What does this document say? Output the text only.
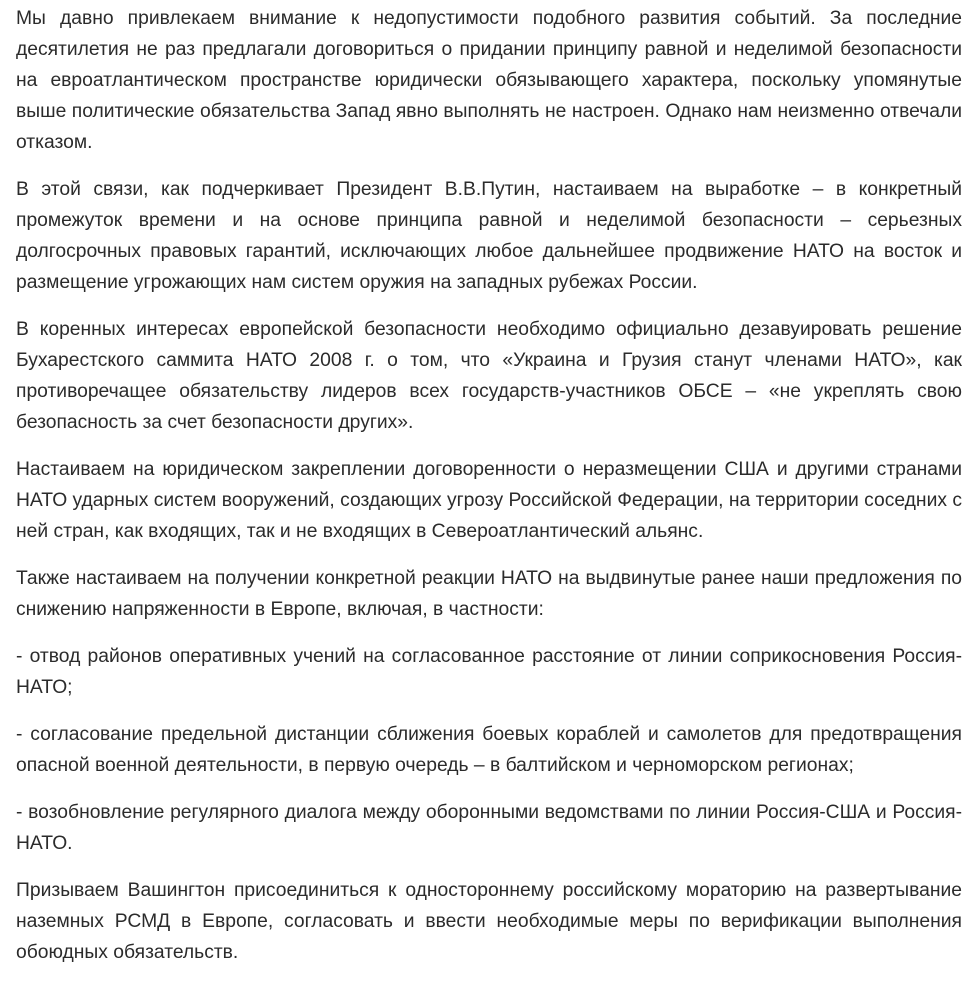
Мы давно привлекаем внимание к недопустимости подобного развития событий. За последние десятилетия не раз предлагали договориться о придании принципу равной и неделимой безопасности на евроатлантическом пространстве юридически обязывающего характера, поскольку упомянутые выше политические обязательства Запад явно выполнять не настроен. Однако нам неизменно отвечали отказом.

В этой связи, как подчеркивает Президент В.В.Путин, настаиваем на выработке – в конкретный промежуток времени и на основе принципа равной и неделимой безопасности – серьезных долгосрочных правовых гарантий, исключающих любое дальнейшее продвижение НАТО на восток и размещение угрожающих нам систем оружия на западных рубежах России.

В коренных интересах европейской безопасности необходимо официально дезавуировать решение Бухарестского саммита НАТО 2008 г. о том, что «Украина и Грузия станут членами НАТО», как противоречащее обязательству лидеров всех государств-участников ОБСЕ – «не укреплять свою безопасность за счет безопасности других».

Настаиваем на юридическом закреплении договоренности о неразмещении США и другими странами НАТО ударных систем вооружений, создающих угрозу Российской Федерации, на территории соседних с ней стран, как входящих, так и не входящих в Североатлантический альянс.

Также настаиваем на получении конкретной реакции НАТО на выдвинутые ранее наши предложения по снижению напряженности в Европе, включая, в частности:

- отвод районов оперативных учений на согласованное расстояние от линии соприкосновения Россия-НАТО;

- согласование предельной дистанции сближения боевых кораблей и самолетов для предотвращения опасной военной деятельности, в первую очередь – в балтийском и черноморском регионах;

- возобновление регулярного диалога между оборонными ведомствами по линии Россия-США и Россия-НАТО.

Призываем Вашингтон присоединиться к одностороннему российскому мораторию на развертывание наземных РСМД в Европе, согласовать и ввести необходимые меры по верификации выполнения обоюдных обязательств.
